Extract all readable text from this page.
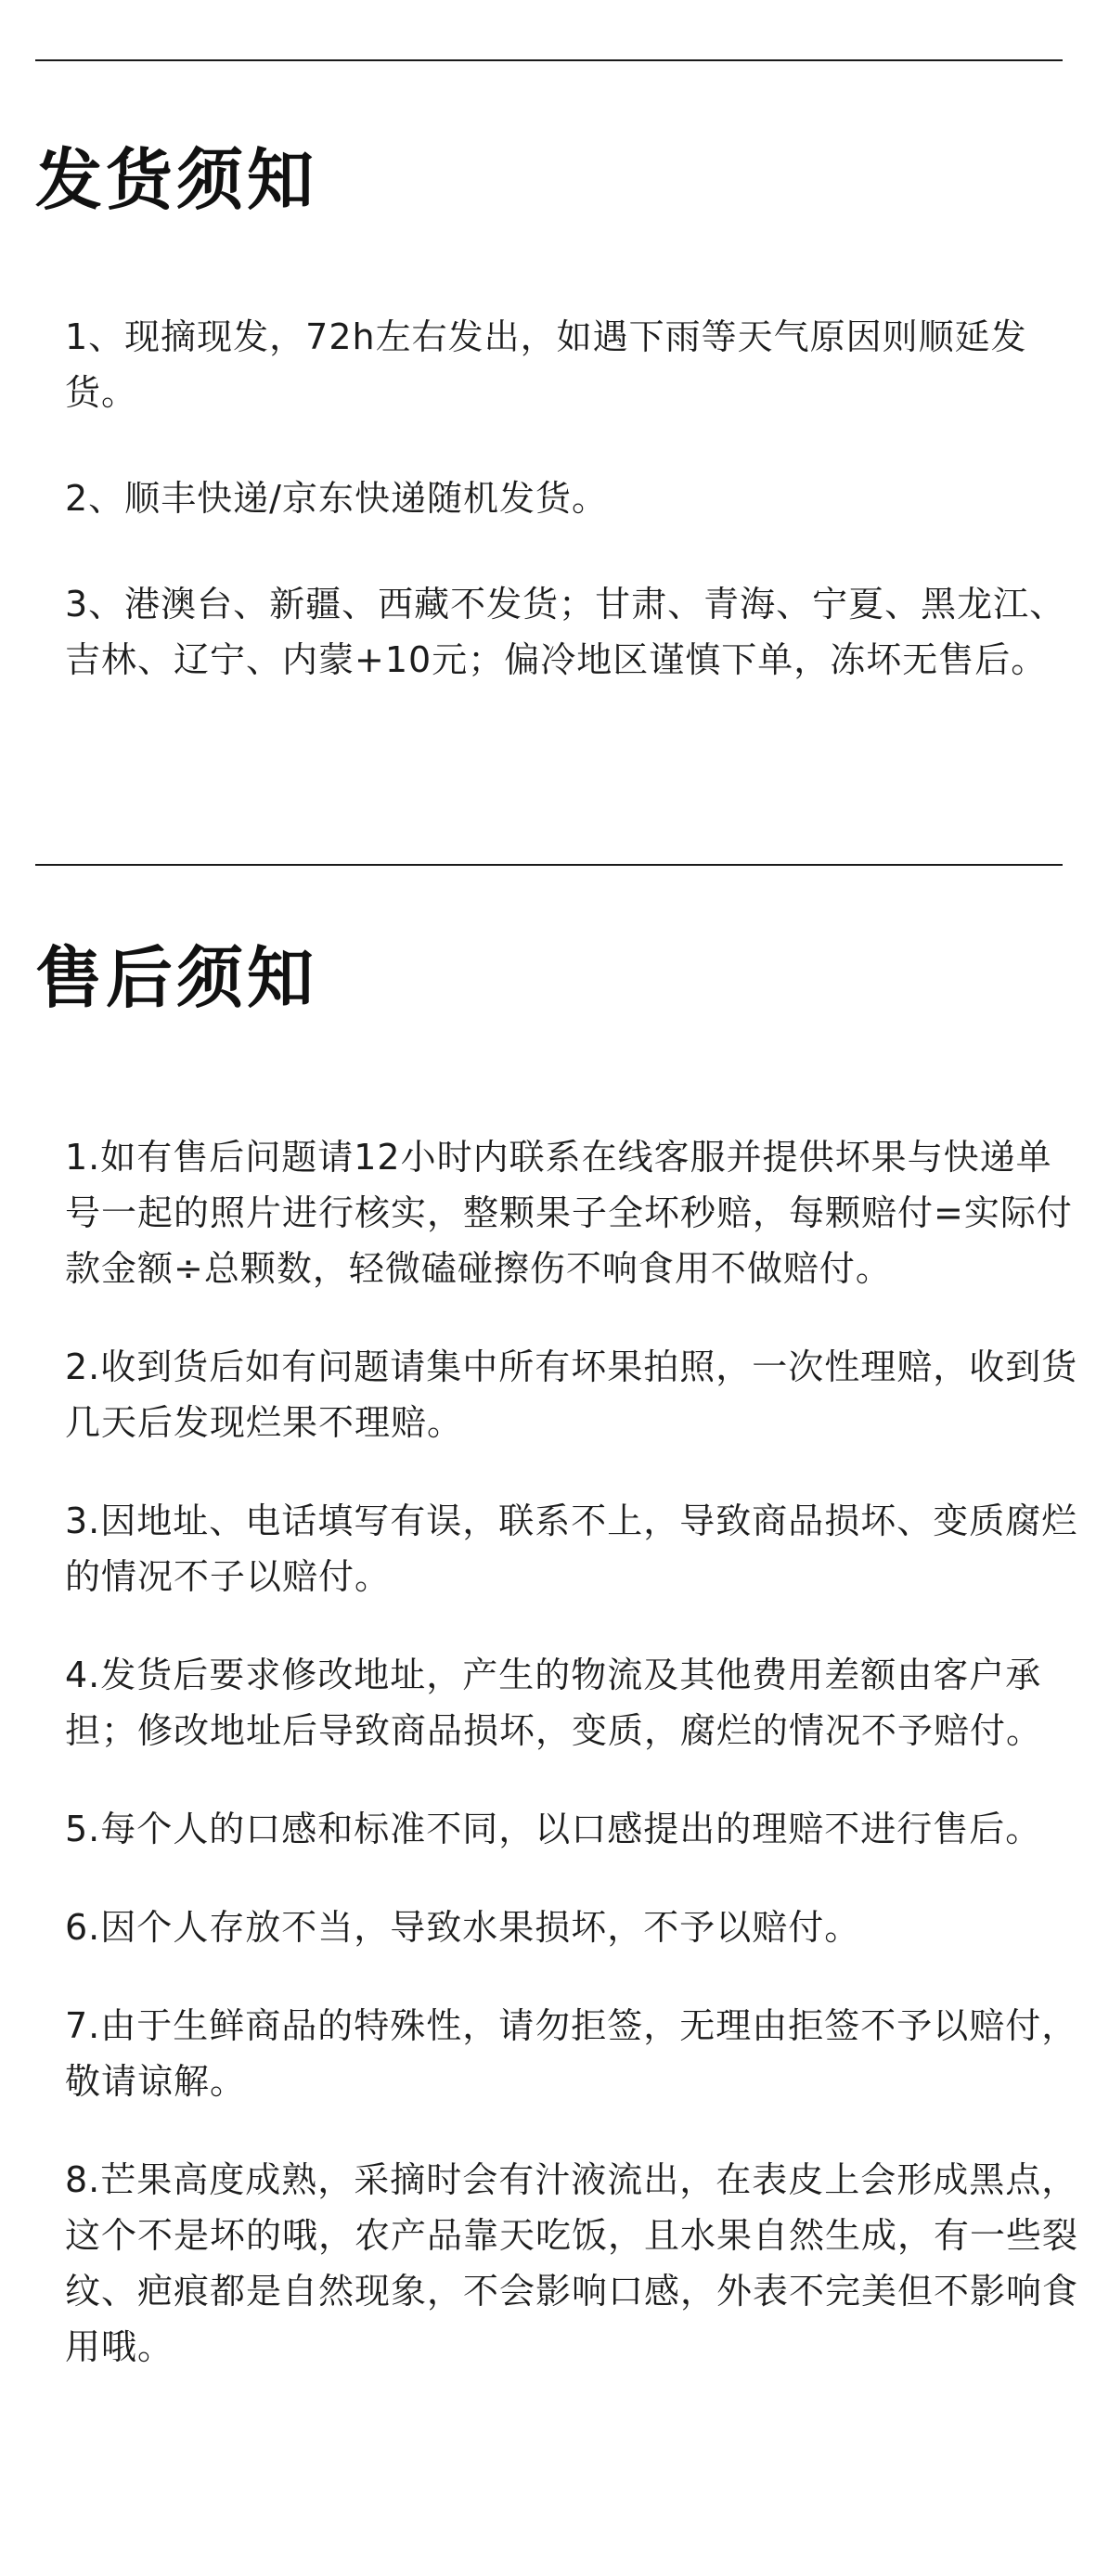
发货须知
1、现摘现发，72h左右发出，如遇下雨等天气原因则顺延发货。
2、顺丰快递/京东快递随机发货。
3、港澳台、新疆、西藏不发货；甘肃、青海、宁夏、黑龙江、吉林、辽宁、内蒙+10元；偏冷地区谨慎下单，冻坏无售后。
售后须知
1.如有售后问题请12小时内联系在线客服并提供坏果与快递单号一起的照片进行核实，整颗果子全坏秒赔，每颗赔付=实际付款金额÷总颗数，轻微磕碰擦伤不响食用不做赔付。
2.收到货后如有问题请集中所有坏果拍照，一次性理赔，收到货几天后发现烂果不理赔。
3.因地址、电话填写有误，联系不上，导致商品损坏、变质腐烂的情况不子以赔付。
4.发货后要求修改地址，产生的物流及其他费用差额由客户承担；修改地址后导致商品损坏，变质，腐烂的情况不予赔付。
5.每个人的口感和标准不同，以口感提出的理赔不进行售后。
6.因个人存放不当，导致水果损坏，不予以赔付。
7.由于生鲜商品的特殊性，请勿拒签，无理由拒签不予以赔付，敬请谅解。
8.芒果高度成熟，采摘时会有汁液流出，在表皮上会形成黑点，这个不是坏的哦，农产品靠天吃饭，且水果自然生成，有一些裂纹、疤痕都是自然现象，不会影响口感，外表不完美但不影响食用哦。
